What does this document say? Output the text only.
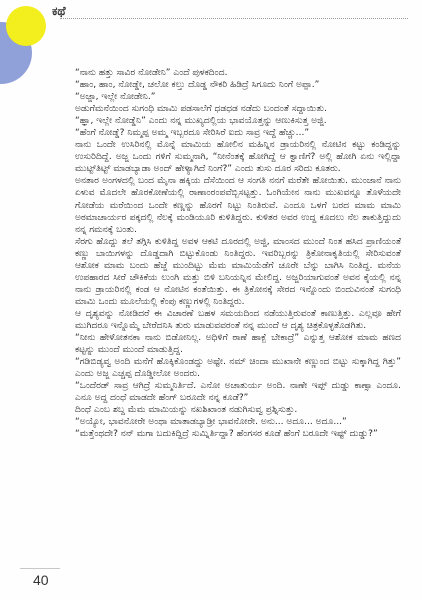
ಕಥೆ

“ನಾನು ಹತ್ತು ಸಾವಿರ ನೋಡೇನಿ” ಎಂದೆ ಪುಳಕದಿಂದ.

“ಹಾಂ, ಹಾಂ, ನೋಡ್ಡೇ, ಚಲೋ ಕಲ್ತು ದೊಡ್ಡ ನೌಕರಿ ಹಿಡಿದ್ರೆ ಸಿಗೂದು ನಿಂಗೆ ಅಪ್ಪಾ.”

“ಅಜ್ಜಾ, ಇಲ್ಲೇ ನೋಡೇನಿ.”

ಅಡುಗೆಮನೆಯಿಂದ ಸುಗಂಧಿ ಮಾಮಿ ಪಡಸಾಲೆಗೆ ಧಡಧಡ ನಡೆದು ಬಂದಂತೆ ಸದ್ದಾಯಿತು.

“ಹ್ಞಾ, ಇಲ್ಲೇ ನೋಡ್ಡೆನಿ” ಎಂದು ನನ್ನ ಮುಖ್ಯದಲ್ಲಿಯ ಭಾವಯೊತ್ತನ್ನು ಆಣುಕಿಸುತ್ತ ಅಜ್ಜಿ.

“ಹೆಂಗೆ ನೋಡ್ಡೆ? ನಿಮ್ಮಪ್ಪ ಅಮ್ಮ ಇಬ್ಬರದೂ ಸೇರಿಸಿರೆ ಐದು ಸಾವ್ರ ಇದ್ದೆ ಹೆಚ್ಚು...”

ನಾನು ಒಂದೇ ಉಸಿರಿನಲ್ಲಿ ಮೊನ್ನೆ ಮಾಮಿಯ ಹೋಲಿನ ಮಹಿನ್ನಿನ ಡ್ರಾಯರಿನಲ್ಲಿ ನೋಟಿನ ಕಟ್ಟು ಕಂಡಿದ್ದನ್ನು ಉಸುರಿದಿದ್ದೆ. ಅಜ್ಜ ಒಂದು ಗಳಿಗೆ ಸುಮ್ಮನಾಗಿ, “ನೀನೆಂತಕ್ಕೆ ಹೋಗಿದ್ದೆ ಆ ಕ್ವಾಣಿಗೆ? ಅಲ್ಲಿ ಹೋಗಿ ಏನು ಇಲ್ಲಿದ್ದಾ ಮುಟ್ಟ್‌ತಿಟ್ಟ್ ಮಾಡಬ್ಯಾಡಾ ಅಂದ್ ಹೇಳ್ಯಾಗಿದೆ ನಿಂಗೆ?” ಎಂದು ತುಸು ದೂರ ಸರಿದು ಕೂತರು.

ಅನತಾರ ಅಂಗಳದಲ್ಲಿ ಬಂದ ಮೈನಾ ಹಕ್ಕಿಯ ದೆಸೆಯಿಂದ ಆ ಸಂಗತಿ ನನಗೆ ಮರೆತೇ ಹೋಯಿತು. ಮುಂಜಾನೆ ನಾನು ಏಳುವ ಮೊದಲೇ ಹೊರಕೋಣೆಯಲ್ಲಿ ರಾಣಾಂರಂಪವೆಬ್ಬಿಸಟ್ಟತ್ತು. ಓಂಗಿಯೇನ ನಾನು ಮುಖವನ್ನೂ ತೊಳೆಯದೇ ಗೋಡೆಯ ಮರೆಯಿಂದ ಒಂದೇ ಕಣ್ಣನ್ನು ಹೊರಗೆ ನಿಟ್ಟು ನಿಂತಿರುವೆ. ಎಂದೂ ಒಳಗೆ ಬರದ ಮಾಮ ಮಾಮಿ ಅಠಮಾಚಾರ್ಯರ ಪಕ್ಕದಲ್ಲಿ ನೆಲಕ್ಕೆ ಮಂಡಿಯೂರಿ ಕುಳಿತಿದ್ದರು. ಕುಳಿತರ ಅವರ ಉದ್ದ ಕೂದಲು ನೆಲ ತಾಕುತ್ತಿದ್ದುದು ನನ್ನ ಗಮನಕ್ಕೆ ಬಂತು.

ಸೆರಗು ಹೊದ್ದು ತಲೆ ತಗ್ಗಿಸಿ ಕುಳಿತಿದ್ದ ಅವಳ ಆಕಟಿ ದೂರದಲ್ಲಿ ಅಜ್ಜಿ, ಮಾಂಸದ ಮುಂದೆ ನಿಂತ ಹಸಿದ ಪ್ರಾಣಿಯಂತೆ ಕಣ್ಣು ಬಾಯಿಗಳನ್ನು ದೊಡ್ಡದಾಗಿ ಬಿಟ್ಟುಕೊಂಡು ನಿಂತಿದ್ದರು. ಇವರಿಬ್ಬರನ್ನು ತ್ರಿಕೋನಾಕೃತಿಯಲ್ಲಿ ಸೇರಿಸುವಂತೆ ಆಶೋಕ ಮಾಮ ಬಂದು ಹೆಜ್ಜೆ ಮುಂದಿಟ್ಟು ಮೆಮ ಮಾಮಿಯೆಡೆಗೆ ಚೂರೇ ಬೆನ್ನು ಬಾಗಿಸಿ ನಿಂತಿದ್ದ. ಮನೆಯ ಉಪಹಾರದ ಸೀರೆ ಚೌಕಿಕೆಯ ಲುಂಗಿ ಮತ್ತು ಬಿಳಿ ಬನಿಯನ್ನಿನ ಮೇಲಿದ್ದ. ಅಜ್ಜರಿಯಾಗುವಂತೆ ಅವನ ಕೈಯಲ್ಲಿ ನನ್ನ ನಾನು ಡ್ರಾಯರಿನಲ್ಲಿ ಕಂಡ ಆ ನೋಟಿನ ಕಂತೆಯಿತ್ತು. ಈ ತ್ರಿಕೋನಕ್ಕೆ ಸೇರದ ಇನ್ನೊಂದು ಬಿಂದುವಿನಂತೆ ಸುಗಂಧಿ ಮಾಮಿ ಒಂದು ಮೂಲೆಯಲ್ಲಿ ಕೆಂಪು ಕಣ್ಣುಗಳಲ್ಲಿ ನಿಂತಿದ್ದರು.

ಆ ದೃಶ್ಯವನ್ನು ನೋಡಿದರೆ ಈ ವಿಚಾರಣೆ ಬಹಳ ಸಮಯದಿಂದ ನಡೆಯುತ್ತಿರುವಂತೆ ಕಾಣುತ್ತಿತ್ತು. ಎಲ್ಲವೂ ಹೇಗೆ ಮುಗಿದರೂ ಇನ್ನೊಮ್ಮೆ ಬೇರೆದನಿಸಿ ತುರು ಮಾಡುವವರಂತೆ ನನ್ನ ಮುಂದೆ ಆ ದೃಶ್ಯ ಚಿತ್ರಕೊಳ್ಳತೊಡಗಿತು.

“ನೀನು ಹೇಳೋತನಕಾ ನಾನು ಬಿಡೋನಿಲ್ಲ. ಅಧಿಳಿಗೆ ಠಾಣೆ ಹಾಕ್ಬೆ ಬೇಕಾದ್ರೆ” ಎನ್ನುತ್ತ ಆಶೋಕ ಮಾಮ ಹಣದ ಕಟ್ಟನ್ನು ಮುಂದೆ ಮುಂದೆ ಮಾಡುತ್ತಿದ್ದ.

“ಗಡಿಬಿಡ್ಯವ್ವ ಅಂದಿ ಮನೆಗೆ ಹೊಕ್ಕಿಕೊಂಡದ್ದು ಅಷ್ಟೇ. ನಮ್ ಚಿಂದಾ ಮುಖಾನೇ ಕಣ್ಣುಂದ ಬಿಟ್ಟು ಸುಕ್ಕಾಗಿದ್ದ ಗಿತ್ತು” ಎಂದು ಅಜ್ಜ ಎಚ್ಚಪ್ಪ ದೊಡ್ಡೀಲೋ ಅಂದರು.

“ಒಂದೆರಡ್ ಸಾವ್ರ ಆಗಿದ್ರೆ ಸುಮ್ಮನಿರ್ತಿದೆ. ಎನೋ ಅಚಾತುರ್ಯ ಅಂದಿ. ನಾಣೇ ಇಪ್ಪ್ ದುಡ್ಡು ಕಾಣ್ಸಾ ಎಂದೂ. ಎನೂ ಅದ್ದ ದಂಧೆ ಮಾಡದೇ ಹೆಂಗ್ ಬರೂದೇ ನನ್ನ ಕೂಡೆ?”

ದಿಂಧೆ ಎಂಬ ಶಬ್ದ ಮೆಮ ಮಾಮಿಯನ್ನು ನಖಶಿಖಾಂತ ನಡುಗಿಸುವ್ವ ಪ್ರಶ್ನಿಸುತ್ತು.

“ಅಯ್ಯೋ, ಭಾವನೋರೇ ಅಂಥಾ ಮಾತಾಡಬ್ಯಾಡ್ರೀ ಭಾವನೋರೇ. ಅನು... ಅದೂ... ಅದೂ...”

“ಮತ್ತೆಂಥದೇ? ನನ್ ಮಗಾ ಬದುಕಿದ್ದಿದ್ರೆ ಸುಮ್ನಿರ್ತಿದ್ದಾ? ಹೆಂಗಸರ ಕೂಡೆ ಹೆಂಗೆ ಬರೂದೇ ಇಷ್ಟ್ ದುಡ್ಡು?”

40
